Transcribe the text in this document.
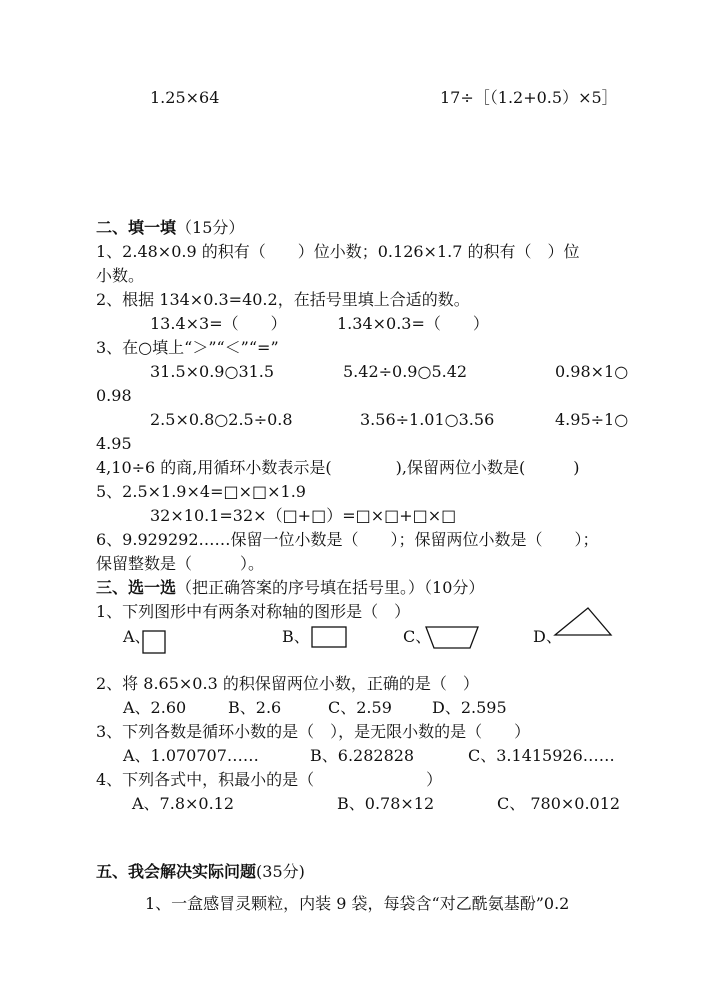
1.25×64	17÷［（1.2+0.5）×5］
二、填一填（15分）
1、2.48×0.9 的积有（　　）位小数；0.126×1.7 的积有（　）位
小数。
2、根据 134×0.3=40.2，在括号里填上合适的数。
13.4×3=（　　）	1.34×0.3=（　　）
3、在○填上“＞”“＜”“=”
31.5×0.9○31.5	5.42÷0.9○5.42	0.98×1○
0.98
2.5×0.8○2.5÷0.8	3.56÷1.01○3.56	4.95÷1○
4.95
4,10÷6 的商,用循环小数表示是(　　　　),保留两位小数是(　　　)
5、2.5×1.9×4=□×□×1.9
32×10.1=32×（□+□）=□×□+□×□
6、9.929292……保留一位小数是（　　）；保留两位小数是（　　）；
保留整数是（　　　）。
三、选一选（把正确答案的序号填在括号里。）（10分）
1、下列图形中有两条对称轴的图形是（　）
A、	B、	C、	D、
2、将 8.65×0.3 的积保留两位小数，正确的是（　）
A、2.60	B、2.6	C、2.59	D、2.595
3、下列各数是循环小数的是（　），是无限小数的是（　　）
A、1.070707……	B、6.282828	C、3.1415926……
4、下列各式中，积最小的是（　　　　　　　）
A、7.8×0.12	B、0.78×12	C、 780×0.012
五、我会解决实际问题(35分)
1、一盒感冒灵颗粒，内装 9 袋，每袋含“对乙酰氨基酚”0.2
